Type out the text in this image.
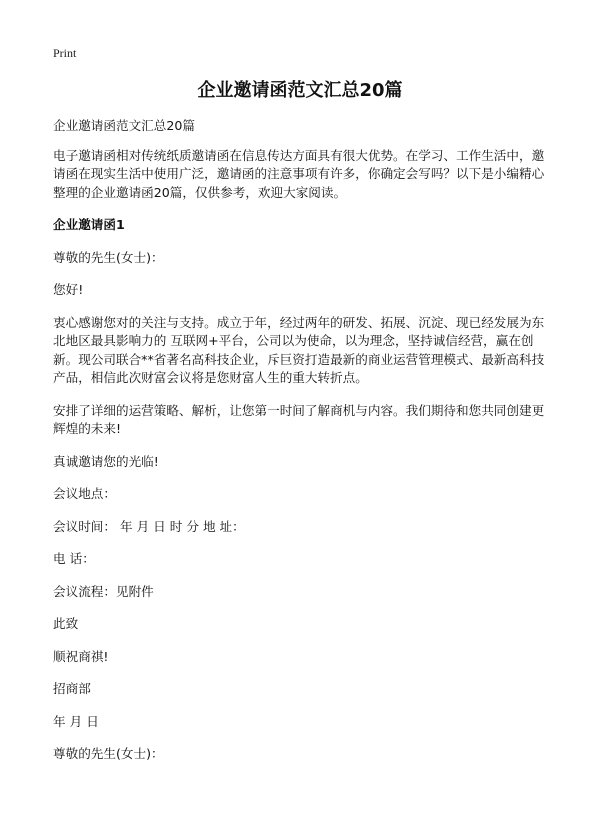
Print
企业邀请函范文汇总20篇

企业邀请函范文汇总20篇

电子邀请函相对传统纸质邀请函在信息传达方面具有很大优势。在学习、工作生活中，邀请函在现实生活中使用广泛，邀请函的注意事项有许多，你确定会写吗？以下是小编精心整理的企业邀请函20篇，仅供参考，欢迎大家阅读。

企业邀请函1

尊敬的先生(女士)：

您好!

衷心感谢您对的关注与支持。成立于年，经过两年的研发、拓展、沉淀、现已经发展为东北地区最具影响力的 互联网+平台，公司以为使命，以为理念，坚持诚信经营，赢在创新。现公司联合**省著名高科技企业，斥巨资打造最新的商业运营管理模式、最新高科技产品，相信此次财富会议将是您财富人生的重大转折点。

安排了详细的运营策略、解析，让您第一时间了解商机与内容。我们期待和您共同创建更辉煌的未来!

真诚邀请您的光临!

会议地点：

会议时间： 年 月 日 时 分 地 址：

电 话：

会议流程：见附件

此致

顺祝商祺!

招商部

年 月 日

尊敬的先生(女士)：
